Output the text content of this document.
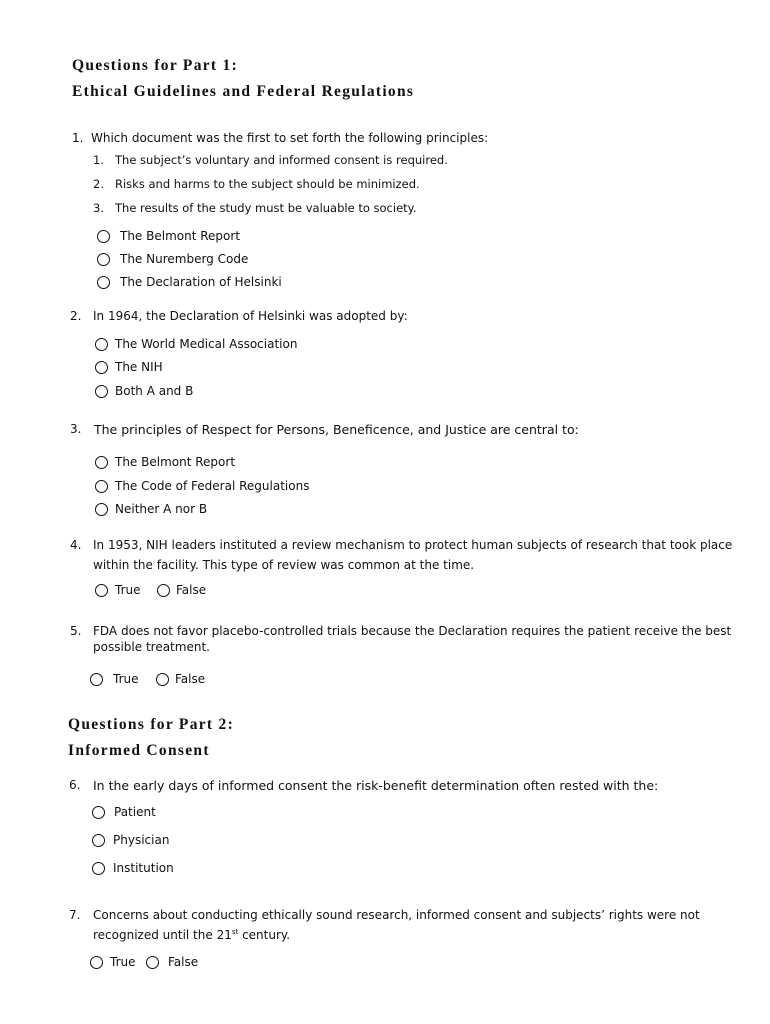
Questions for Part 1:
Ethical Guidelines and Federal Regulations
1. Which document was the first to set forth the following principles:
1. The subject’s voluntary and informed consent is required.
2. Risks and harms to the subject should be minimized.
3. The results of the study must be valuable to society.
The Belmont Report
The Nuremberg Code
The Declaration of Helsinki
2. In 1964, the Declaration of Helsinki was adopted by:
The World Medical Association
The NIH
Both A and B
3. The principles of Respect for Persons, Beneficence, and Justice are central to:
The Belmont Report
The Code of Federal Regulations
Neither A nor B
4. In 1953, NIH leaders instituted a review mechanism to protect human subjects of research that took place
within the facility. This type of review was common at the time.
True	False
5. FDA does not favor placebo-controlled trials because the Declaration requires the patient receive the best
possible treatment.
True	False
Questions for Part 2:
Informed Consent
6. In the early days of informed consent the risk-benefit determination often rested with the:
Patient
Physician
Institution
7. Concerns about conducting ethically sound research, informed consent and subjects’ rights were not
recognized until the 21st century.
True	False
